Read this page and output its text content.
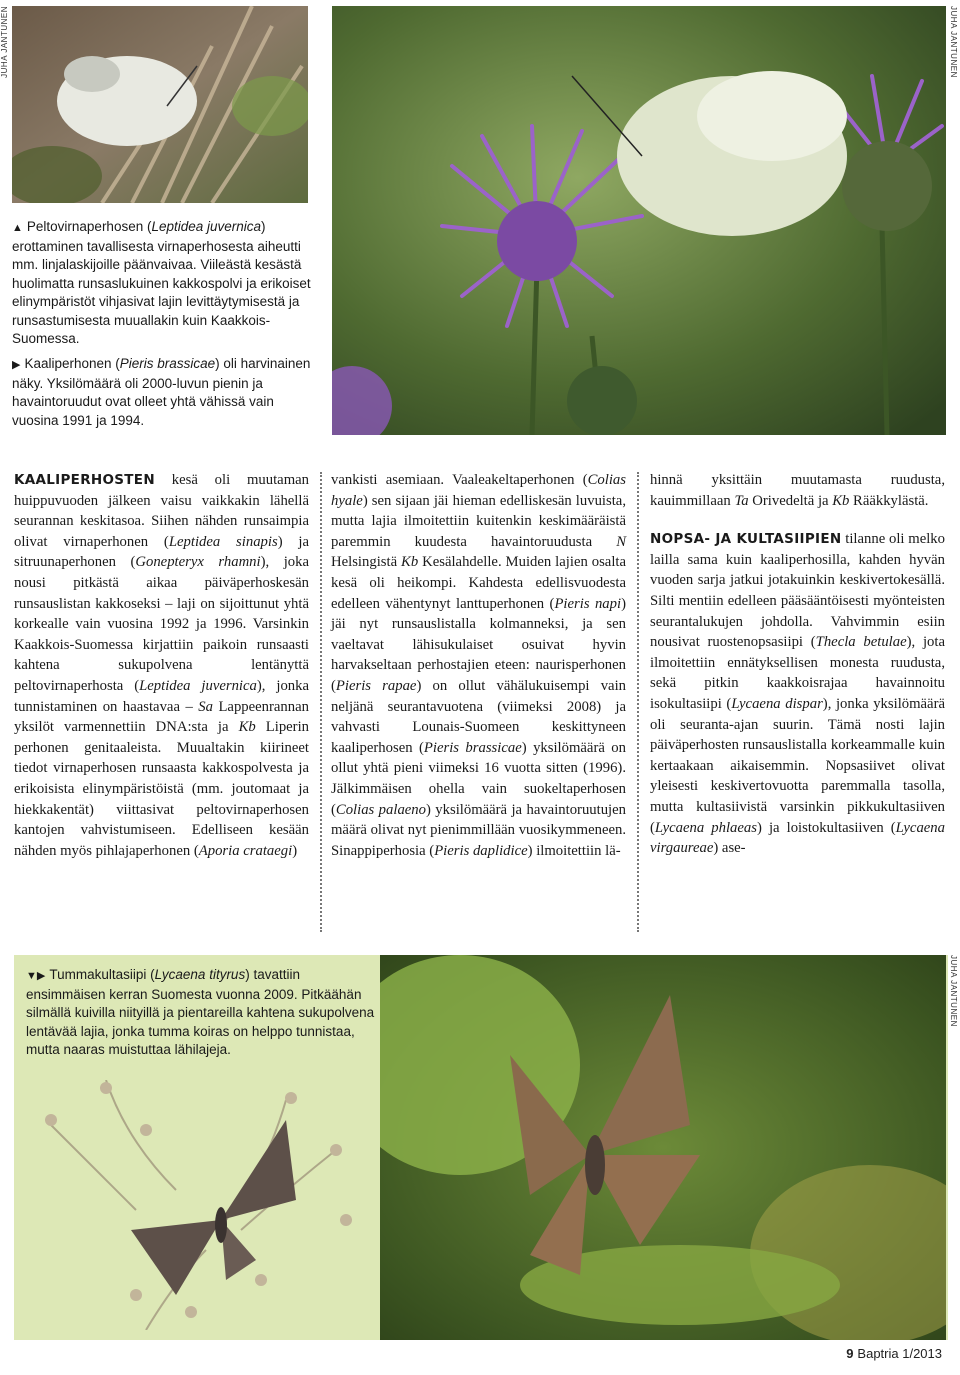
JUHA JANTUNEN	JUHA JANTUNEN
JUHA JANTUNEN

▲ Peltovirnaperhosen (Leptidea juvernica) erottaminen tavallisesta virnaperhosesta aiheutti mm. linjalaskijoille päänvaivaa. Viileästä kesästä huolimatta runsaslukuinen kakkospolvi ja erikoiset elinympäristöt vihjasivat lajin levittäytymisestä ja runsastumisesta muuallakin kuin Kaakkois-Suomessa.

▶ Kaaliperhonen (Pieris brassicae) oli harvinainen näky. Yksilömäärä oli 2000-luvun pienin ja havaintoruudut ovat olleet yhtä vähissä vain vuosina 1991 ja 1994.

KAALIPERHOSTEN kesä oli muutaman huippuvuoden jälkeen vaisu vaikkakin lähellä seurannan keskitasoa. Siihen nähden runsaimpia olivat virnaperhonen (Leptidea sinapis) ja sitruunaperhonen (Gonepteryx rhamni), joka nousi pitkästä aikaa päiväperhoskesän runsauslistan kakkoseksi – laji on sijoittunut yhtä korkealle vain vuosina 1992 ja 1996. Varsinkin Kaakkois-Suomessa kirjattiin paikoin runsaasti kahtena sukupolvena lentänyttä peltovirnaperhosta (Leptidea juvernica), jonka tunnistaminen on haastavaa – Sa Lappeenrannan yksilöt varmennettiin DNA:sta ja Kb Liperin perhonen genitaaleista. Muualtakin kiirineet tiedot virnaperhosen runsaasta kakkospolvesta ja erikoisista elinympäristöistä (mm. joutomaat ja hiekkakentät) viittasivat peltovirnaperhosen kantojen vahvistumiseen. Edelliseen kesään nähden myös pihlajaperhonen (Aporia crataegi)

vankisti asemiaan. Vaaleakeltaperhonen (Colias hyale) sen sijaan jäi hieman edelliskesän luvuista, mutta lajia ilmoitettiin kuitenkin keskimääräistä paremmin kuudesta havaintoruudusta N Helsingistä Kb Kesälahdelle. Muiden lajien osalta kesä oli heikompi. Kahdesta edellisvuodesta edelleen vähentynyt lanttuperhonen (Pieris napi) jäi nyt runsauslistalla kolmanneksi, ja sen vaeltavat lähisukulaiset osuivat hyvin harvakseltaan perhostajien eteen: naurisperhonen (Pieris rapae) on ollut vähälukuisempi vain neljänä seurantavuotena (viimeksi 2008) ja vahvasti Lounais-Suomeen keskittyneen kaaliperhosen (Pieris brassicae) yksilömäärä on ollut yhtä pieni viimeksi 16 vuotta sitten (1996). Jälkimmäisen ohella vain suokeltaperhosen (Colias palaeno) yksilömäärä ja havaintoruutujen määrä olivat nyt pienimmillään vuosikymmeneen. Sinappiperhosia (Pieris daplidice) ilmoitettiin lä-

hinnä yksittäin muutamasta ruudusta, kauimmillaan Ta Orivedeltä ja Kb Rääkkylästä.

NOPSA- JA KULTASIIPIEN tilanne oli melko lailla sama kuin kaaliperhosilla, kahden hyvän vuoden sarja jatkui jotakuinkin keskivertokesällä. Silti mentiin edelleen pääsääntöisesti myönteisten seurantalukujen johdolla. Vahvimmin esiin nousivat ruostenopsasiipi (Thecla betulae), jota ilmoitettiin ennätyksellisen monesta ruudusta, sekä pitkin kaakkoisrajaa havainnoitu isokultasiipi (Lycaena dispar), jonka yksilömäärä oli seuranta-ajan suurin. Tämä nosti lajin päiväperhosten runsauslistalla korkeammalle kuin kertaakaan aikaisemmin. Nopsasiivet olivat yleisesti keskivertovuotta paremmalla tasolla, mutta kultasiivistä varsinkin pikkukultasiiven (Lycaena phlaeas) ja loistokultasiiven (Lycaena virgaureae) ase-

▼▶ Tummakultasiipi (Lycaena tityrus) tavattiin ensimmäisen kerran Suomesta vuonna 2009. Pitkäähän silmällä kuivilla niityillä ja pientareilla kahtena sukupolvena lentävää lajia, jonka tumma koiras on helppo tunnistaa, mutta naaras muistuttaa lähilajeja.

9 Baptria 1/2013
